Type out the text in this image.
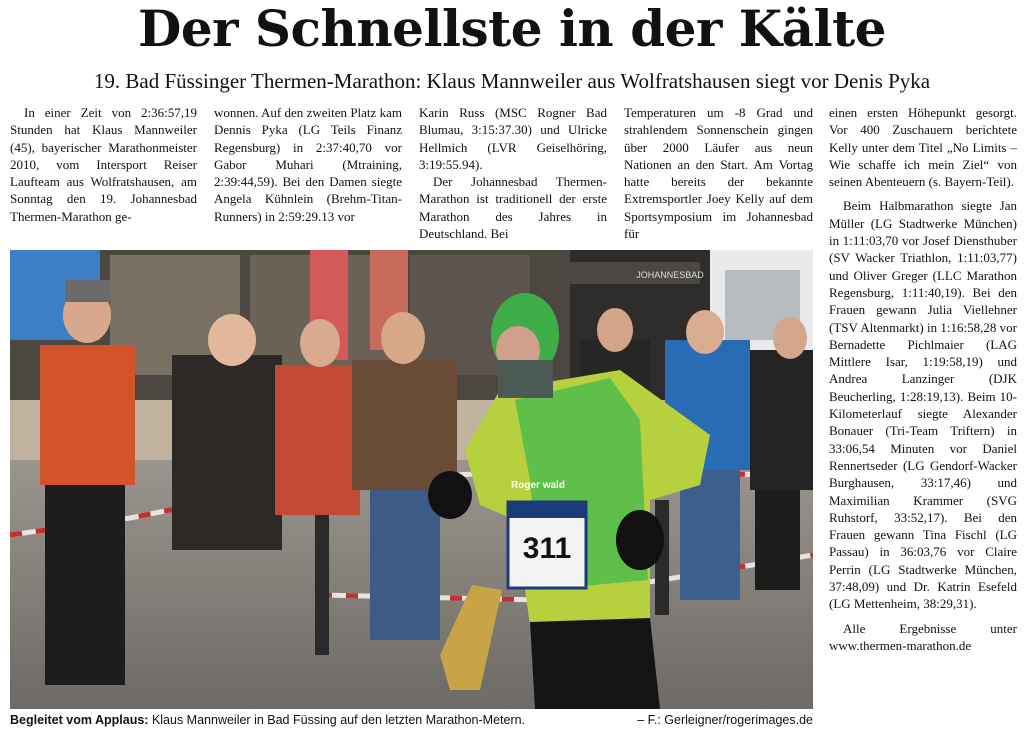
Der Schnellste in der Kälte
19. Bad Füssinger Thermen-Marathon: Klaus Mannweiler aus Wolfratshausen siegt vor Denis Pyka

In einer Zeit von 2:36:57,19 Stunden hat Klaus Mannweiler (45), bayerischer Marathonmeister 2010, vom Intersport Reiser Laufteam aus Wolfratshausen, am Sonntag den 19. Johannesbad Thermen-Marathon ge-

wonnen. Auf den zweiten Platz kam Dennis Pyka (LG Teils Finanz Regensburg) in 2:37:40,70 vor Gabor Muhari (Mtraining, 2:39:44,59). Bei den Damen siegte Angela Kühnlein (Brehm-Titan-Runners) in 2:59:29.13 vor

Karin Russ (MSC Rogner Bad Blumau, 3:15:37.30) und Ulricke Hellmich (LVR Geiselhöring, 3:19:55.94).

Der Johannesbad Thermen-Marathon ist traditionell der erste Marathon des Jahres in Deutschland. Bei

Temperaturen um -8 Grad und strahlendem Sonnenschein gingen über 2000 Läufer aus neun Nationen an den Start. Am Vortag hatte bereits der bekannte Extremsportler Joey Kelly auf dem Sportsymposium im Johannesbad für

einen ersten Höhepunkt gesorgt. Vor 400 Zuschauern berichtete Kelly unter dem Titel „No Limits – Wie schaffe ich mein Ziel“ von seinen Abenteuern (s. Bayern-Teil).

Beim Halbmarathon siegte Jan Müller (LG Stadtwerke München) in 1:11:03,70 vor Josef Diensthuber (SV Wacker Triathlon, 1:11:03,77) und Oliver Greger (LLC Marathon Regensburg, 1:11:40,19). Bei den Frauen gewann Julia Viellehner (TSV Altenmarkt) in 1:16:58,28 vor Bernadette Pichlmaier (LAG Mittlere Isar, 1:19:58,19) und Andrea Lanzinger (DJK Beucherling, 1:28:19,13). Beim 10-Kilometerlauf siegte Alexander Bonauer (Tri-Team Triftern) in 33:06,54 Minuten vor Daniel Rennertseder (LG Gendorf-Wacker Burghausen, 33:17,46) und Maximilian Krammer (SVG Ruhstorf, 33:52,17). Bei den Frauen gewann Tina Fischl (LG Passau) in 36:03,76 vor Claire Perrin (LG Stadtwerke München, 37:48,09) und Dr. Katrin Esefeld (LG Mettenheim, 38:29,31).

Alle Ergebnisse unter www.thermen-marathon.de

JOHANNESBAD
311
Roger wald
Begleitet vom Applaus: Klaus Mannweiler in Bad Füssing auf den letzten Marathon-Metern.	– F.: Gerleigner/rogerimages.de
